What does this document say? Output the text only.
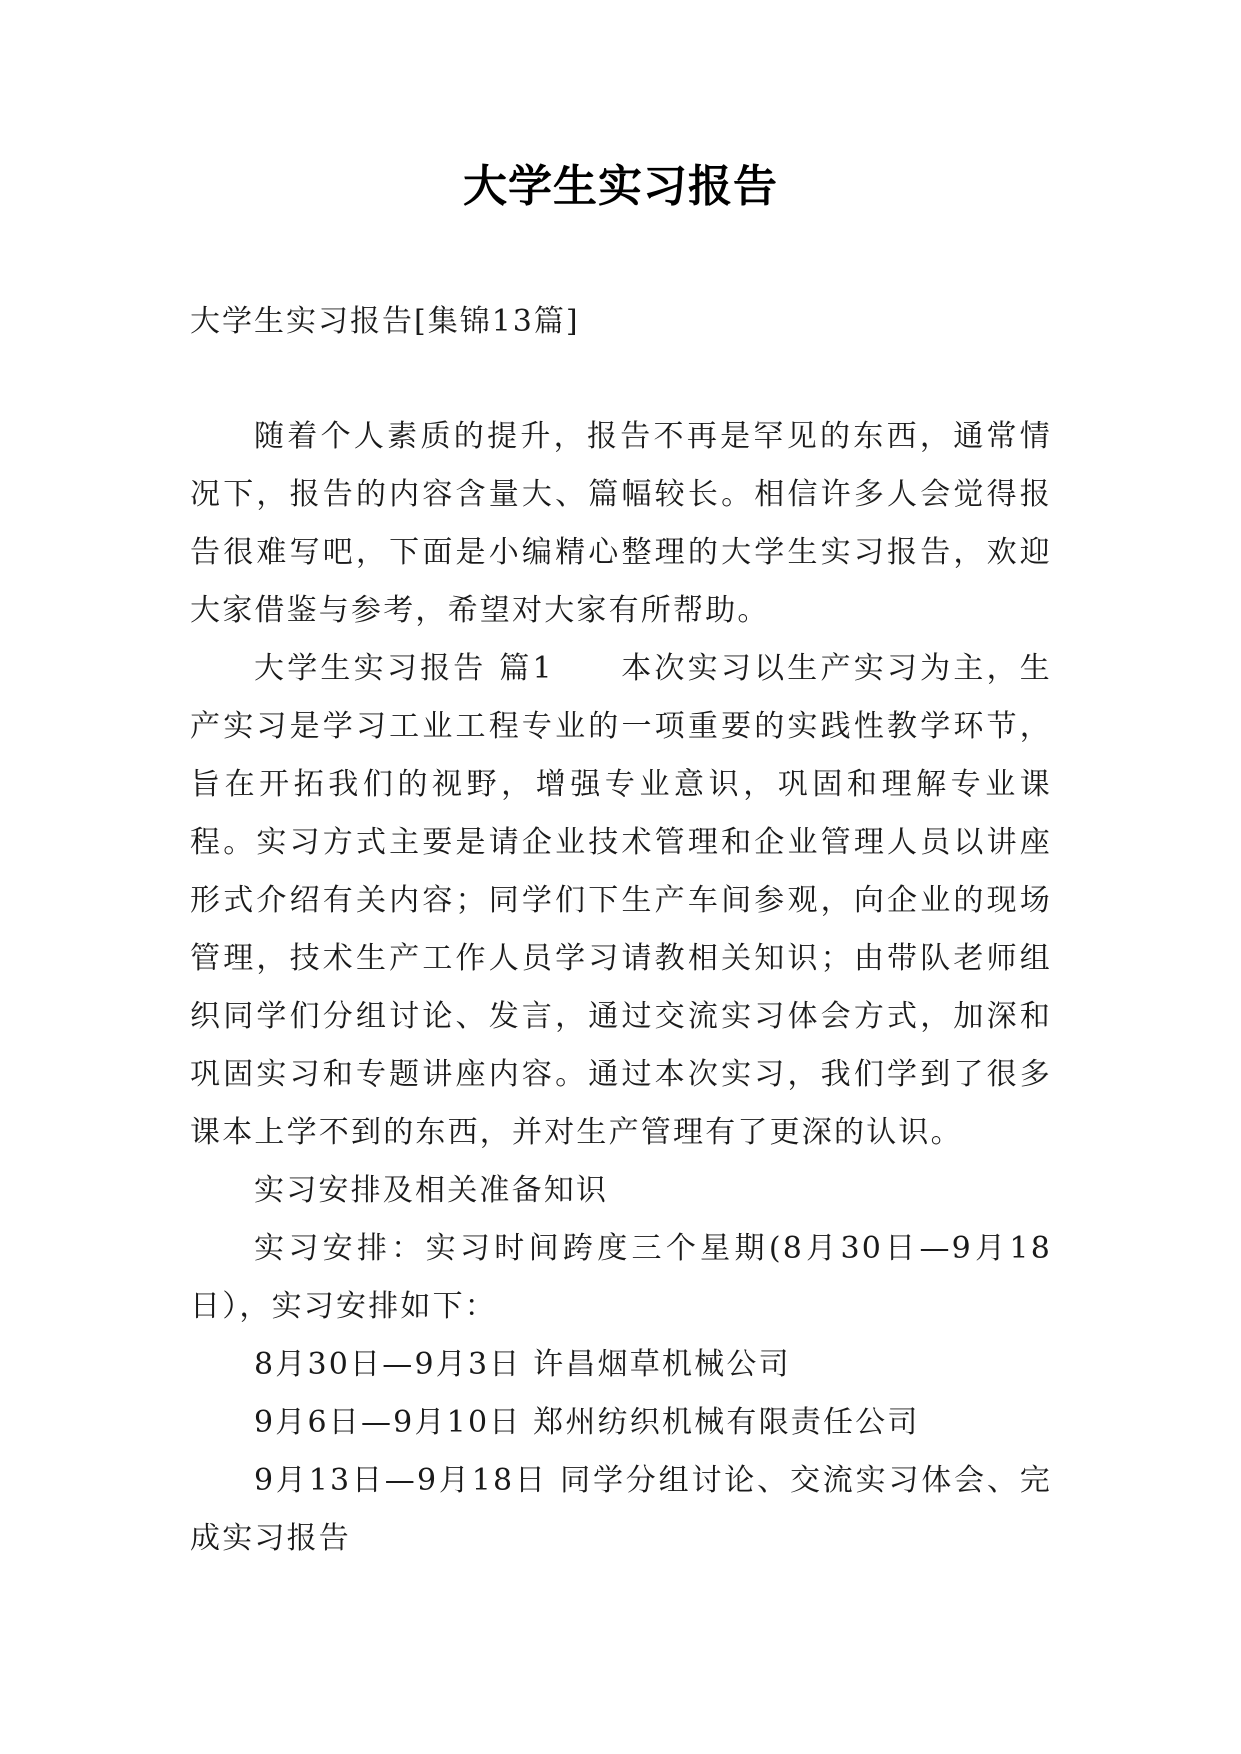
大学生实习报告
大学生实习报告[集锦13篇]

随着个人素质的提升，报告不再是罕见的东西，通常情况下，报告的内容含量大、篇幅较长。相信许多人会觉得报告很难写吧，下面是小编精心整理的大学生实习报告，欢迎大家借鉴与参考，希望对大家有所帮助。

大学生实习报告 篇1　　本次实习以生产实习为主，生产实习是学习工业工程专业的一项重要的实践性教学环节，旨在开拓我们的视野，增强专业意识，巩固和理解专业课程。实习方式主要是请企业技术管理和企业管理人员以讲座形式介绍有关内容；同学们下生产车间参观，向企业的现场管理，技术生产工作人员学习请教相关知识；由带队老师组织同学们分组讨论、发言，通过交流实习体会方式，加深和巩固实习和专题讲座内容。通过本次实习，我们学到了很多课本上学不到的东西，并对生产管理有了更深的认识。

实习安排及相关准备知识

实习安排：实习时间跨度三个星期(8月30日—9月18日），实习安排如下：

8月30日—9月3日 许昌烟草机械公司

9月6日—9月10日 郑州纺织机械有限责任公司

9月13日—9月18日 同学分组讨论、交流实习体会、完成实习报告
